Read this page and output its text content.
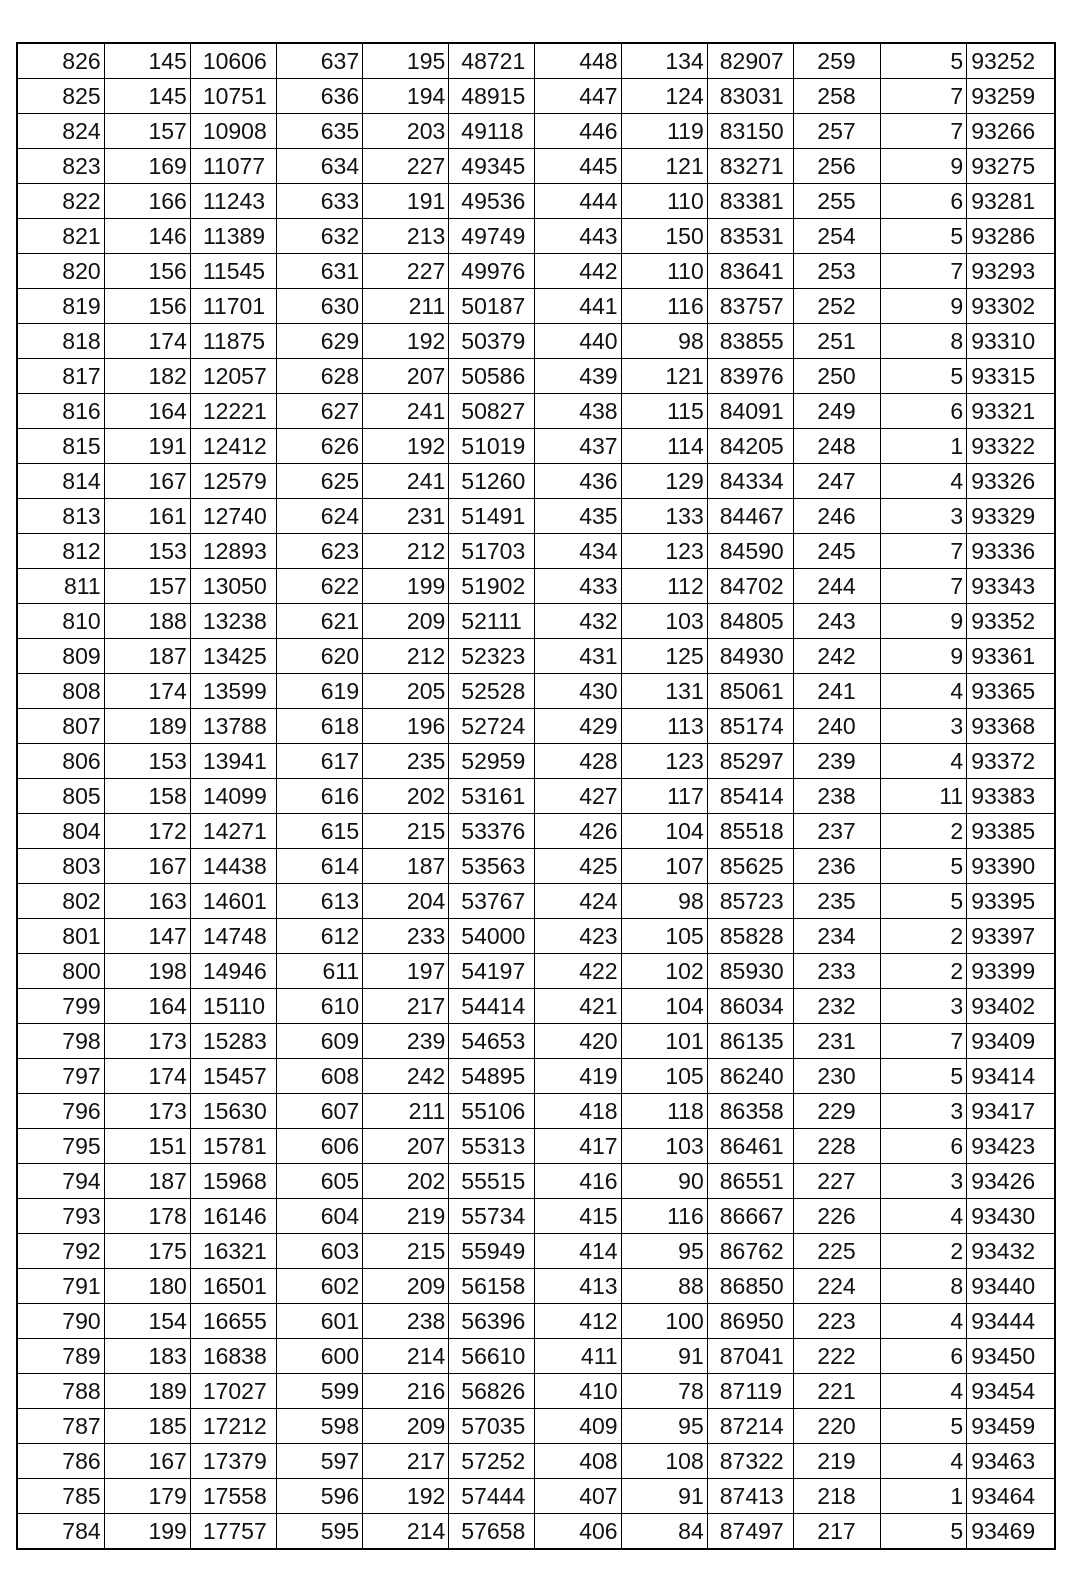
826	145	10606	637	195	48721	448	134	82907	259	5	93252
825	145	10751	636	194	48915	447	124	83031	258	7	93259
824	157	10908	635	203	49118	446	119	83150	257	7	93266
823	169	11077	634	227	49345	445	121	83271	256	9	93275
822	166	11243	633	191	49536	444	110	83381	255	6	93281
821	146	11389	632	213	49749	443	150	83531	254	5	93286
820	156	11545	631	227	49976	442	110	83641	253	7	93293
819	156	11701	630	211	50187	441	116	83757	252	9	93302
818	174	11875	629	192	50379	440	98	83855	251	8	93310
817	182	12057	628	207	50586	439	121	83976	250	5	93315
816	164	12221	627	241	50827	438	115	84091	249	6	93321
815	191	12412	626	192	51019	437	114	84205	248	1	93322
814	167	12579	625	241	51260	436	129	84334	247	4	93326
813	161	12740	624	231	51491	435	133	84467	246	3	93329
812	153	12893	623	212	51703	434	123	84590	245	7	93336
811	157	13050	622	199	51902	433	112	84702	244	7	93343
810	188	13238	621	209	52111	432	103	84805	243	9	93352
809	187	13425	620	212	52323	431	125	84930	242	9	93361
808	174	13599	619	205	52528	430	131	85061	241	4	93365
807	189	13788	618	196	52724	429	113	85174	240	3	93368
806	153	13941	617	235	52959	428	123	85297	239	4	93372
805	158	14099	616	202	53161	427	117	85414	238	11	93383
804	172	14271	615	215	53376	426	104	85518	237	2	93385
803	167	14438	614	187	53563	425	107	85625	236	5	93390
802	163	14601	613	204	53767	424	98	85723	235	5	93395
801	147	14748	612	233	54000	423	105	85828	234	2	93397
800	198	14946	611	197	54197	422	102	85930	233	2	93399
799	164	15110	610	217	54414	421	104	86034	232	3	93402
798	173	15283	609	239	54653	420	101	86135	231	7	93409
797	174	15457	608	242	54895	419	105	86240	230	5	93414
796	173	15630	607	211	55106	418	118	86358	229	3	93417
795	151	15781	606	207	55313	417	103	86461	228	6	93423
794	187	15968	605	202	55515	416	90	86551	227	3	93426
793	178	16146	604	219	55734	415	116	86667	226	4	93430
792	175	16321	603	215	55949	414	95	86762	225	2	93432
791	180	16501	602	209	56158	413	88	86850	224	8	93440
790	154	16655	601	238	56396	412	100	86950	223	4	93444
789	183	16838	600	214	56610	411	91	87041	222	6	93450
788	189	17027	599	216	56826	410	78	87119	221	4	93454
787	185	17212	598	209	57035	409	95	87214	220	5	93459
786	167	17379	597	217	57252	408	108	87322	219	4	93463
785	179	17558	596	192	57444	407	91	87413	218	1	93464
784	199	17757	595	214	57658	406	84	87497	217	5	93469
